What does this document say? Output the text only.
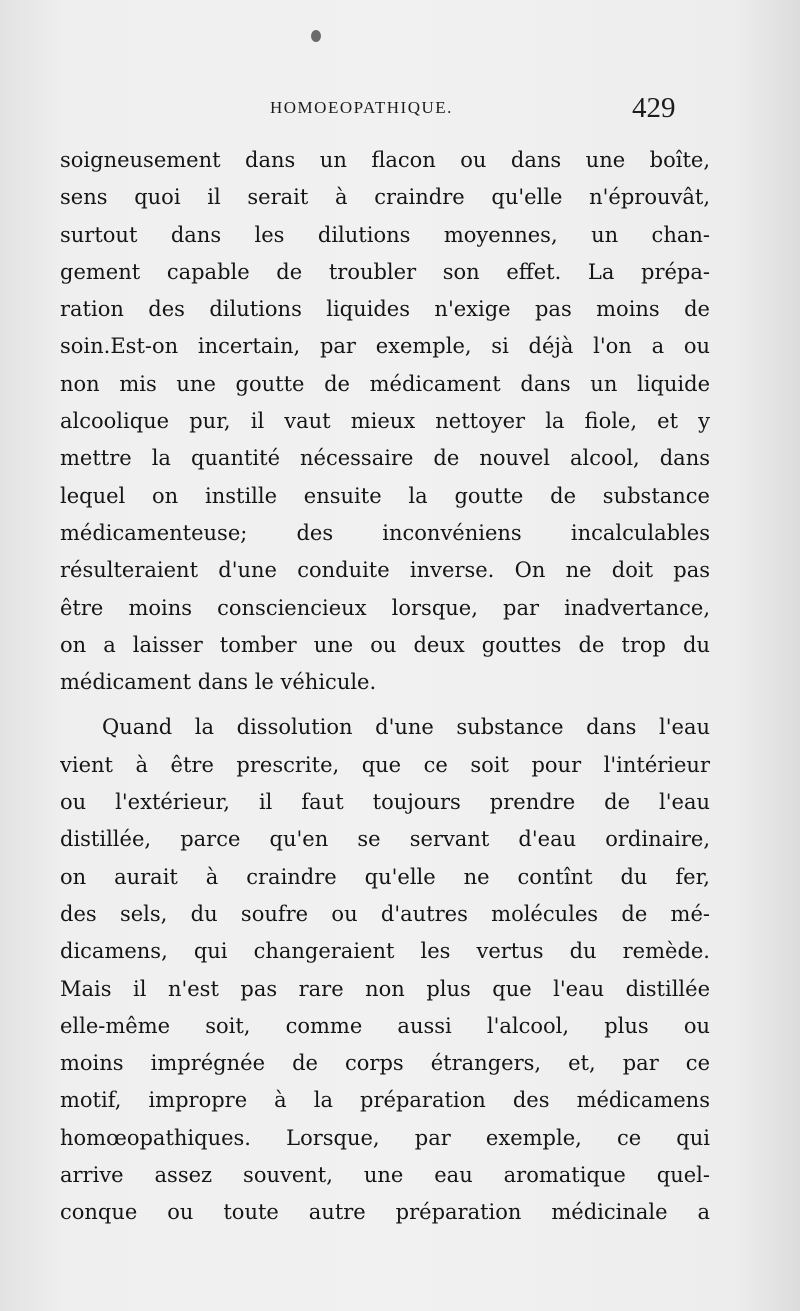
HOMOEOPATHIQUE.	429
soigneusement dans un flacon ou dans une boîte,
sens quoi il serait à craindre qu'elle n'éprouvât,
surtout dans les dilutions moyennes, un chan-
gement capable de troubler son effet. La prépa-
ration des dilutions liquides n'exige pas moins de
soin.Est-on incertain, par exemple, si déjà l'on a ou
non mis une goutte de médicament dans un liquide
alcoolique pur, il vaut mieux nettoyer la fiole, et y
mettre la quantité nécessaire de nouvel alcool, dans
lequel on instille ensuite la goutte de substance
médicamenteuse; des inconvéniens incalculables
résulteraient d'une conduite inverse. On ne doit pas
être moins consciencieux lorsque, par inadvertance,
on a laisser tomber une ou deux gouttes de trop du
médicament dans le véhicule.
Quand la dissolution d'une substance dans l'eau
vient à être prescrite, que ce soit pour l'intérieur
ou l'extérieur, il faut toujours prendre de l'eau
distillée, parce qu'en se servant d'eau ordinaire,
on aurait à craindre qu'elle ne contînt du fer,
des sels, du soufre ou d'autres molécules de mé-
dicamens, qui changeraient les vertus du remède.
Mais il n'est pas rare non plus que l'eau distillée
elle-même soit, comme aussi l'alcool, plus ou
moins imprégnée de corps étrangers, et, par ce
motif, impropre à la préparation des médicamens
homœopathiques. Lorsque, par exemple, ce qui
arrive assez souvent, une eau aromatique quel-
conque ou toute autre préparation médicinale a
